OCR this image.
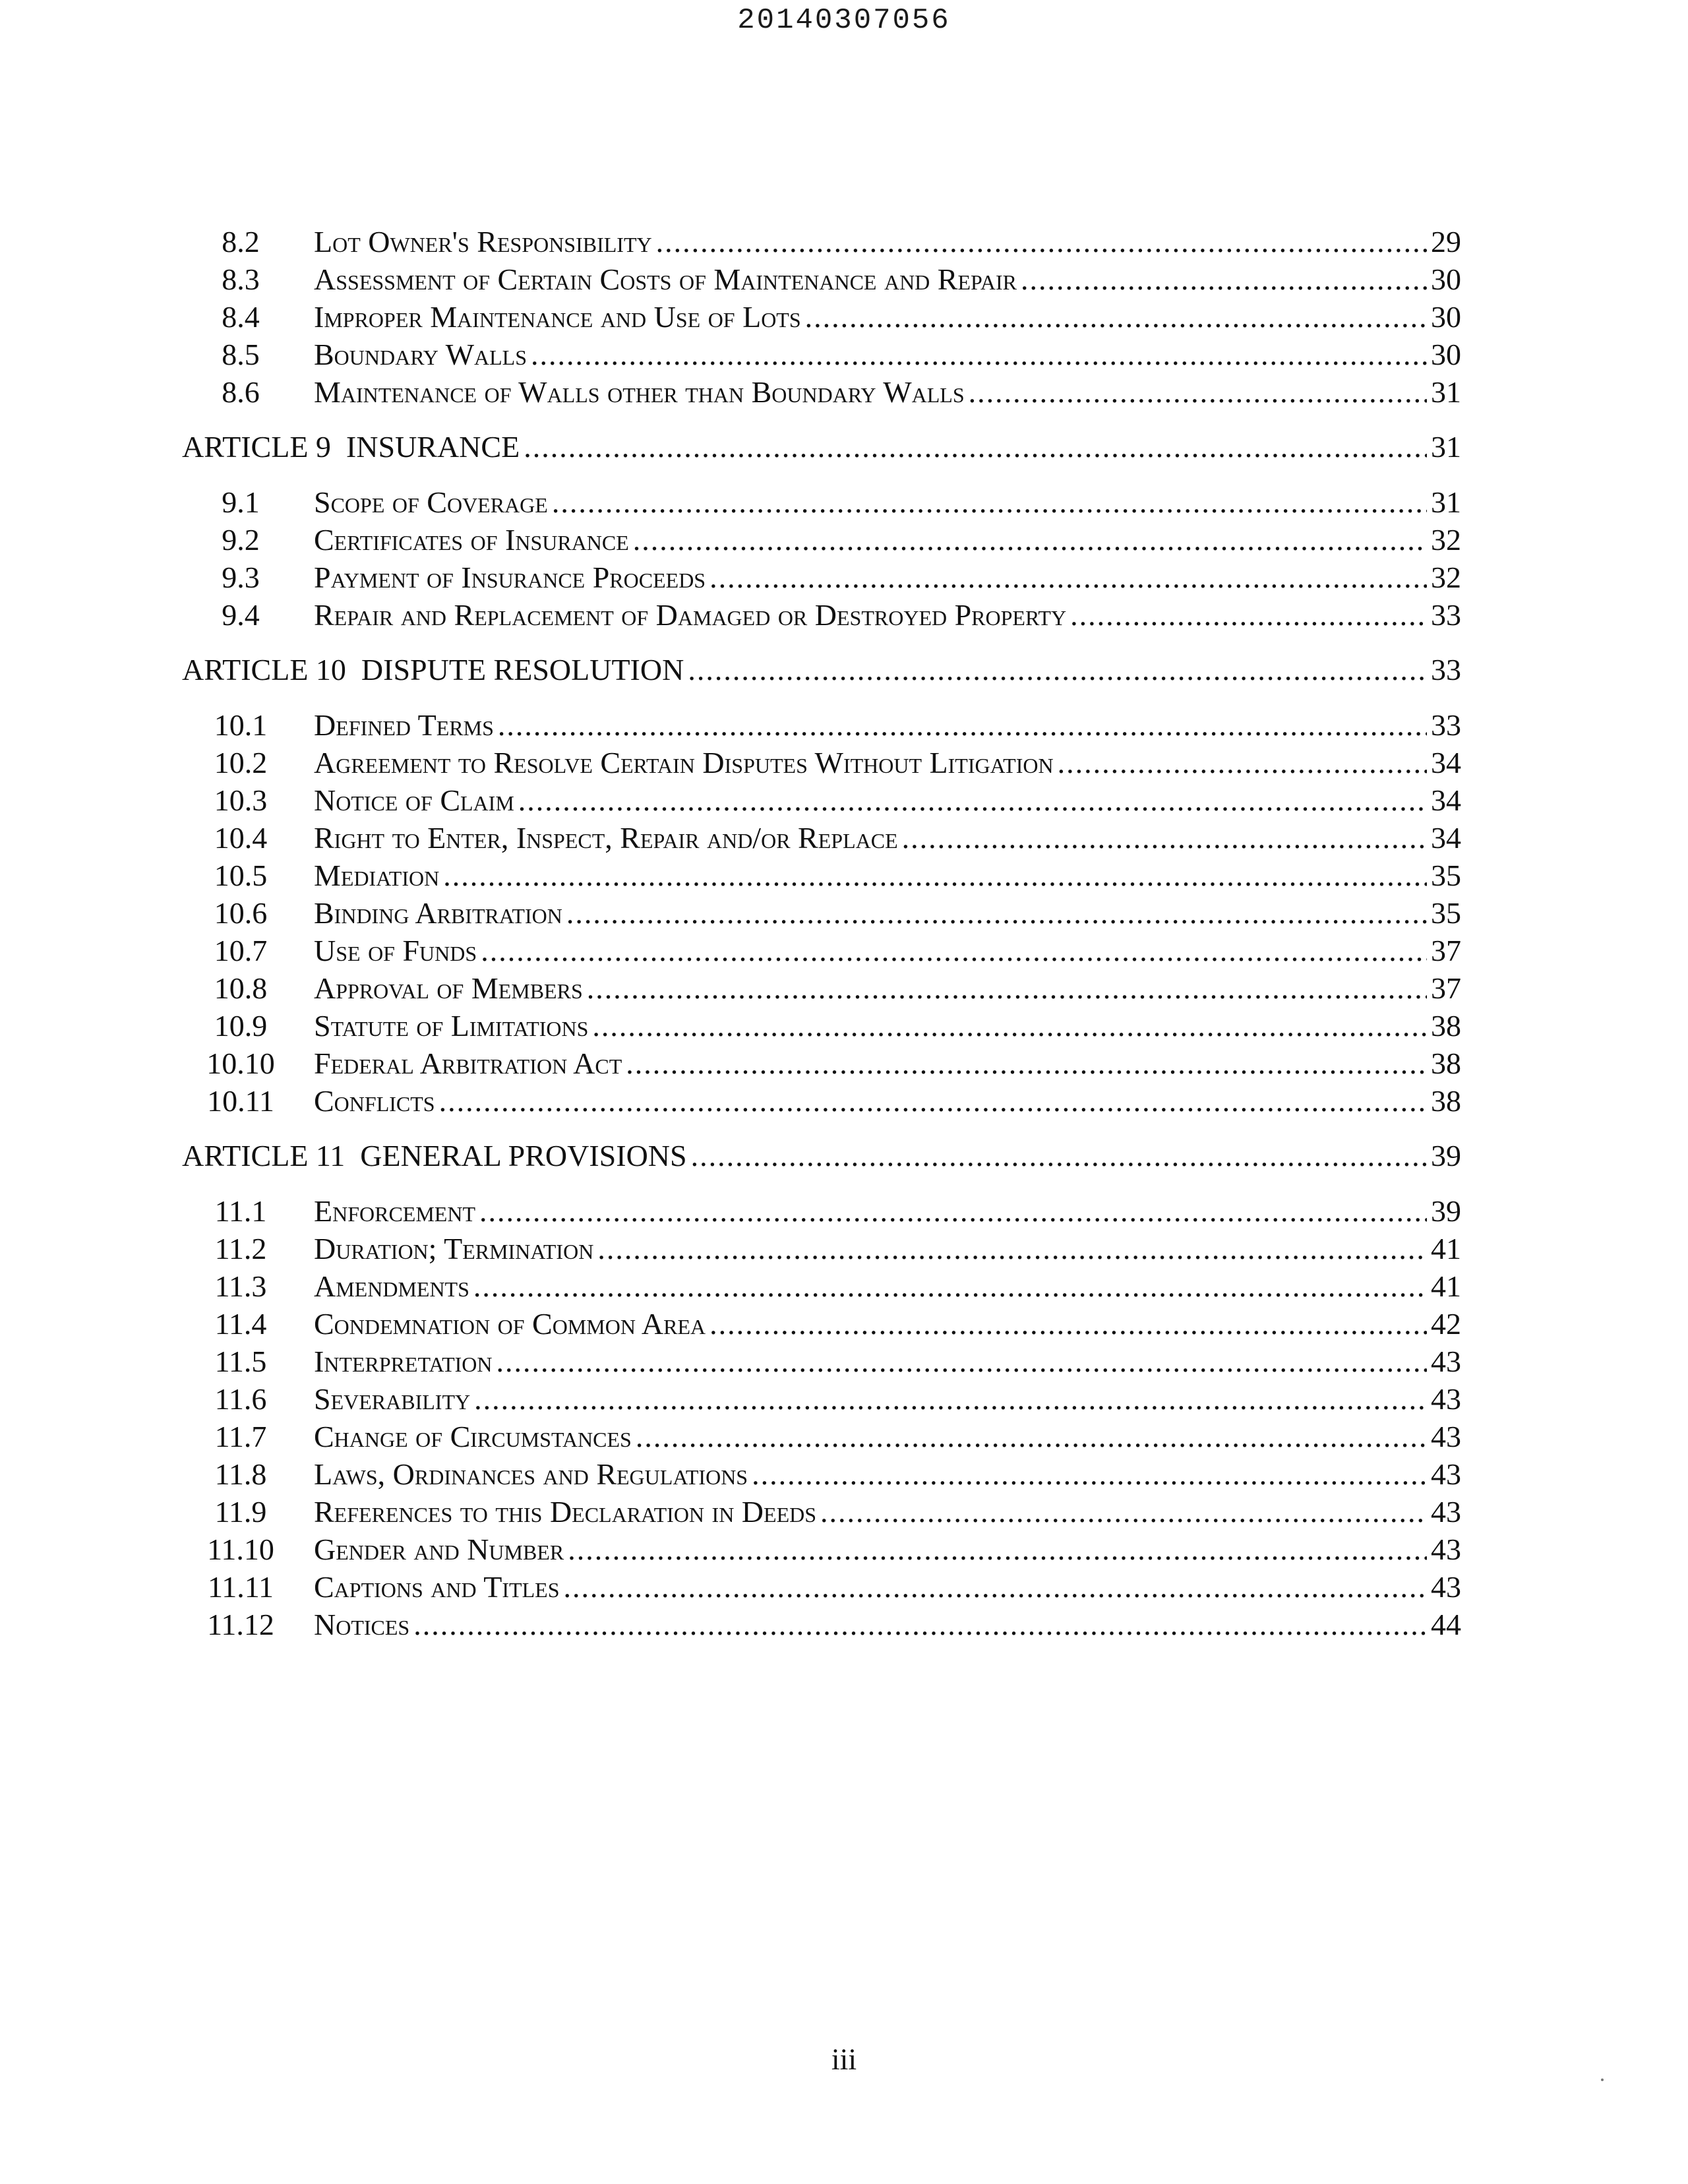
20140307056
8.2	Lot Owner's Responsibility .....	29
8.3	Assessment of Certain Costs of Maintenance and Repair .....	30
8.4	Improper Maintenance and Use of Lots .....	30
8.5	Boundary Walls .....	30
8.6	Maintenance of Walls other than Boundary Walls .....	31
ARTICLE 9  INSURANCE .....	31
9.1	Scope of Coverage .....	31
9.2	Certificates of Insurance .....	32
9.3	Payment of Insurance Proceeds .....	32
9.4	Repair and Replacement of Damaged or Destroyed Property .....	33
ARTICLE 10  DISPUTE RESOLUTION .....	33
10.1	Defined Terms .....	33
10.2	Agreement to Resolve Certain Disputes Without Litigation .....	34
10.3	Notice of Claim .....	34
10.4	Right to Enter, Inspect, Repair and/or Replace .....	34
10.5	Mediation .....	35
10.6	Binding Arbitration .....	35
10.7	Use of Funds .....	37
10.8	Approval of Members .....	37
10.9	Statute of Limitations .....	38
10.10	Federal Arbitration Act .....	38
10.11	Conflicts .....	38
ARTICLE 11  GENERAL PROVISIONS .....	39
11.1	Enforcement .....	39
11.2	Duration; Termination .....	41
11.3	Amendments .....	41
11.4	Condemnation of Common Area .....	42
11.5	Interpretation .....	43
11.6	Severability .....	43
11.7	Change of Circumstances .....	43
11.8	Laws, Ordinances and Regulations .....	43
11.9	References to this Declaration in Deeds .....	43
11.10	Gender and Number .....	43
11.11	Captions and Titles .....	43
11.12	Notices .....	44
iii
